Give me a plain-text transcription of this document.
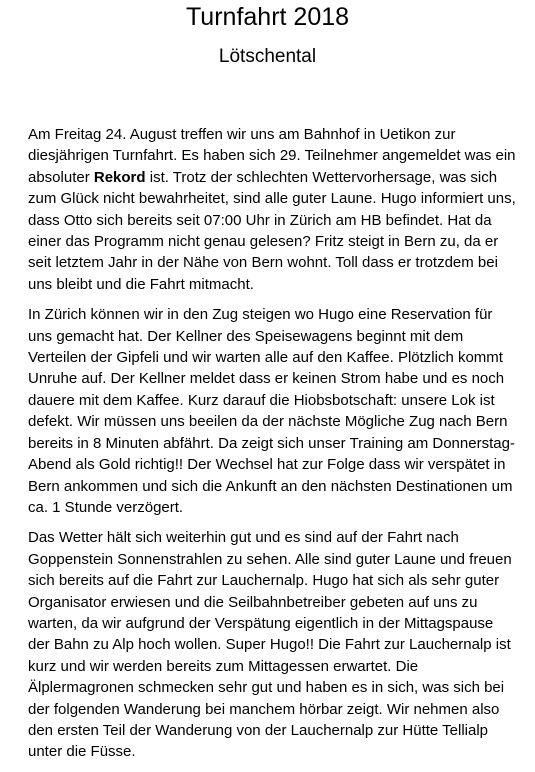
Turnfahrt 2018
Lötschental

Am Freitag 24. August treffen wir uns am Bahnhof in Uetikon zur diesjährigen Turnfahrt. Es haben sich 29. Teilnehmer angemeldet was ein absoluter Rekord ist. Trotz der schlechten Wettervorhersage, was sich zum Glück nicht bewahrheitet, sind alle guter Laune. Hugo informiert uns, dass Otto sich bereits seit 07:00 Uhr in Zürich am HB befindet. Hat da einer das Programm nicht genau gelesen? Fritz steigt in Bern zu, da er seit letztem Jahr in der Nähe von Bern wohnt. Toll dass er trotzdem bei uns bleibt und die Fahrt mitmacht.

In Zürich können wir in den Zug steigen wo Hugo eine Reservation für uns gemacht hat. Der Kellner des Speisewagens beginnt mit dem Verteilen der Gipfeli und wir warten alle auf den Kaffee. Plötzlich kommt Unruhe auf. Der Kellner meldet dass er keinen Strom habe und es noch dauere mit dem Kaffee. Kurz darauf die Hiobsbotschaft: unsere Lok ist defekt. Wir müssen uns beeilen da der nächste Mögliche Zug nach Bern bereits in 8 Minuten abfährt. Da zeigt sich unser Training am Donnerstag-Abend als Gold richtig!! Der Wechsel hat zur Folge dass wir verspätet in Bern ankommen und sich die Ankunft an den nächsten Destinationen um ca. 1 Stunde verzögert.

Das Wetter hält sich weiterhin gut und es sind auf der Fahrt nach Goppenstein Sonnenstrahlen zu sehen. Alle sind guter Laune und freuen sich bereits auf die Fahrt zur Lauchernalp. Hugo hat sich als sehr guter Organisator erwiesen und die Seilbahnbetreiber gebeten auf uns zu warten, da wir aufgrund der Verspätung eigentlich in der Mittagspause der Bahn zu Alp hoch wollen. Super Hugo!! Die Fahrt zur Lauchernalp ist kurz und wir werden bereits zum Mittagessen erwartet. Die Älplermagronen schmecken sehr gut und haben es in sich, was sich bei der folgenden Wanderung bei manchem hörbar zeigt. Wir nehmen also den ersten Teil der Wanderung von der Lauchernalp zur Hütte Tellialp unter die Füsse.
